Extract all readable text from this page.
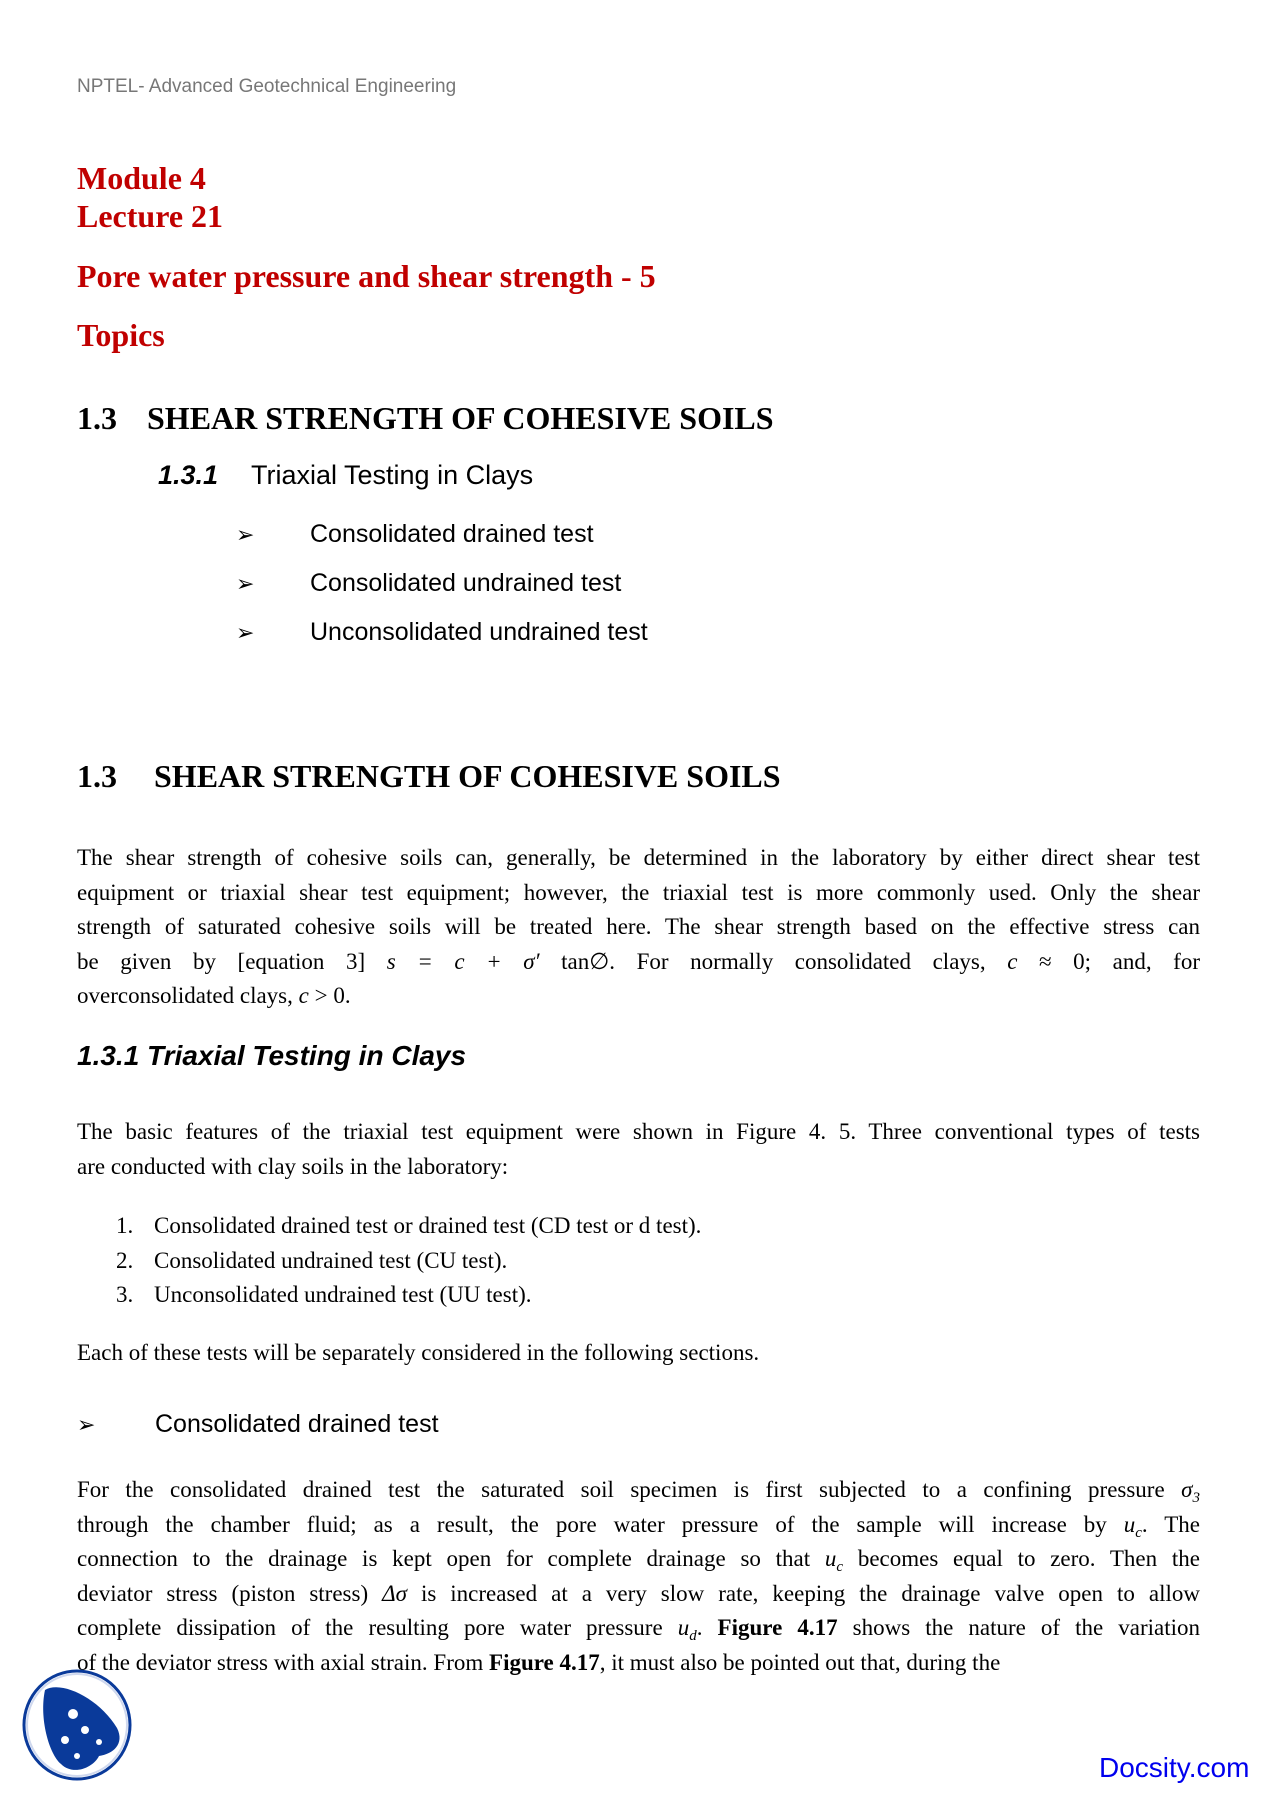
NPTEL- Advanced Geotechnical Engineering
Module 4
Lecture 21
Pore water pressure and shear strength - 5
Topics
1.3 SHEAR STRENGTH OF COHESIVE SOILS
1.3.1 Triaxial Testing in Clays
➢ Consolidated drained test
➢ Consolidated undrained test
➢ Unconsolidated undrained test
1.3 SHEAR STRENGTH OF COHESIVE SOILS
The shear strength of cohesive soils can, generally, be determined in the laboratory by either direct shear test
equipment or triaxial shear test equipment; however, the triaxial test is more commonly used. Only the shear
strength of saturated cohesive soils will be treated here. The shear strength based on the effective stress can
be given by [equation 3] s = c + σ′ tan∅. For normally consolidated clays, c ≈ 0; and, for
overconsolidated clays, c > 0.
1.3.1 Triaxial Testing in Clays
The basic features of the triaxial test equipment were shown in Figure 4. 5. Three conventional types of tests
are conducted with clay soils in the laboratory:
1. Consolidated drained test or drained test (CD test or d test).
2. Consolidated undrained test (CU test).
3. Unconsolidated undrained test (UU test).
Each of these tests will be separately considered in the following sections.
➢ Consolidated drained test
For the consolidated drained test the saturated soil specimen is first subjected to a confining pressure $\sigma_3$
through the chamber fluid; as a result, the pore water pressure of the sample will increase by $u_c$. The
connection to the drainage is kept open for complete drainage so that $u_c$ becomes equal to zero. Then the
deviator stress (piston stress) Δσ is increased at a very slow rate, keeping the drainage valve open to allow
complete dissipation of the resulting pore water pressure $u_d$. Figure 4.17 shows the nature of the variation
of the deviator stress with axial strain. From Figure 4.17, it must also be pointed out that, during the
Docsity.com
